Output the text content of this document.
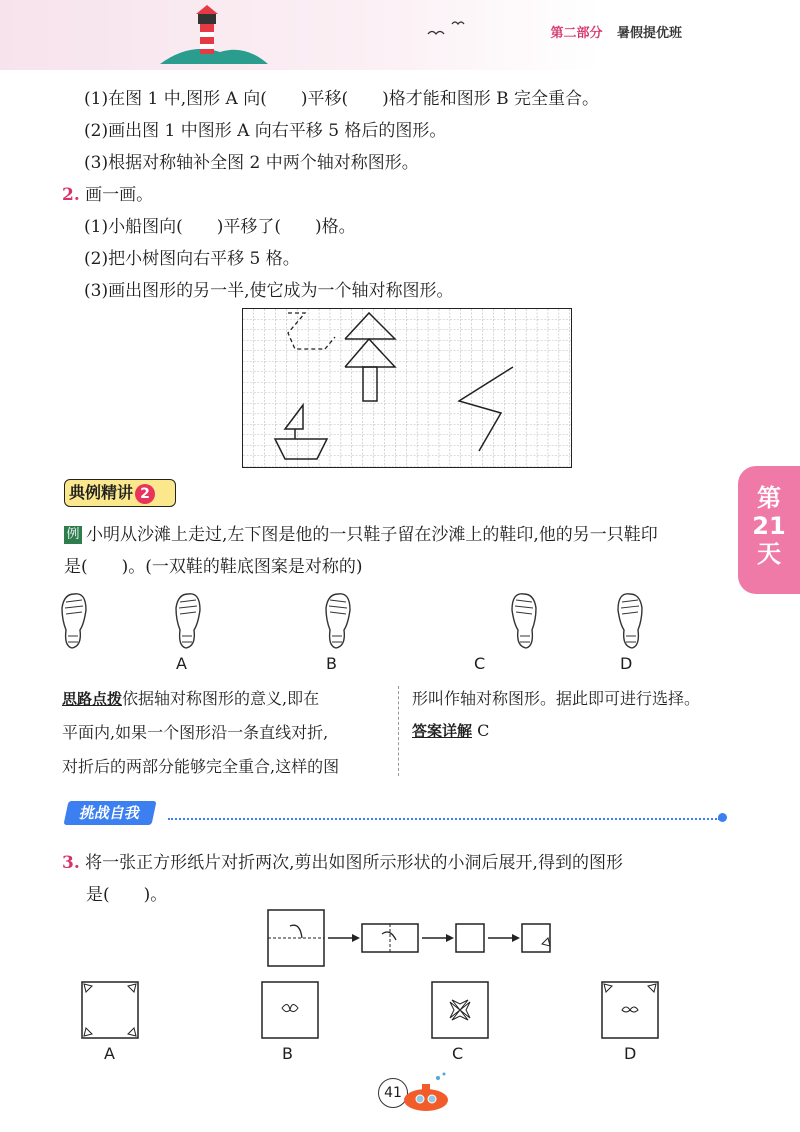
第二部分 暑假提优班
(1)在图 1 中,图形 A 向(　　)平移(　　)格才能和图形 B 完全重合。
(2)画出图 1 中图形 A 向右平移 5 格后的图形。
(3)根据对称轴补全图 2 中两个轴对称图形。
2. 画一画。
(1)小船图向(　　)平移了(　　)格。
(2)把小树图向右平移 5 格。
(3)画出图形的另一半,使它成为一个轴对称图形。
典例精讲 2
例 小明从沙滩上走过,左下图是他的一只鞋子留在沙滩上的鞋印,他的另一只鞋印
是(　　)。(一双鞋的鞋底图案是对称的)
第
21
天
A	B	C	D
思路点拨依据轴对称图形的意义,即在
平面内,如果一个图形沿一条直线对折,
对折后的两部分能够完全重合,这样的图
形叫作轴对称图形。据此即可进行选择。
答案详解 C
挑战自我
3. 将一张正方形纸片对折两次,剪出如图所示形状的小洞后展开,得到的图形
是(　　)。
A	B	C	D
41
